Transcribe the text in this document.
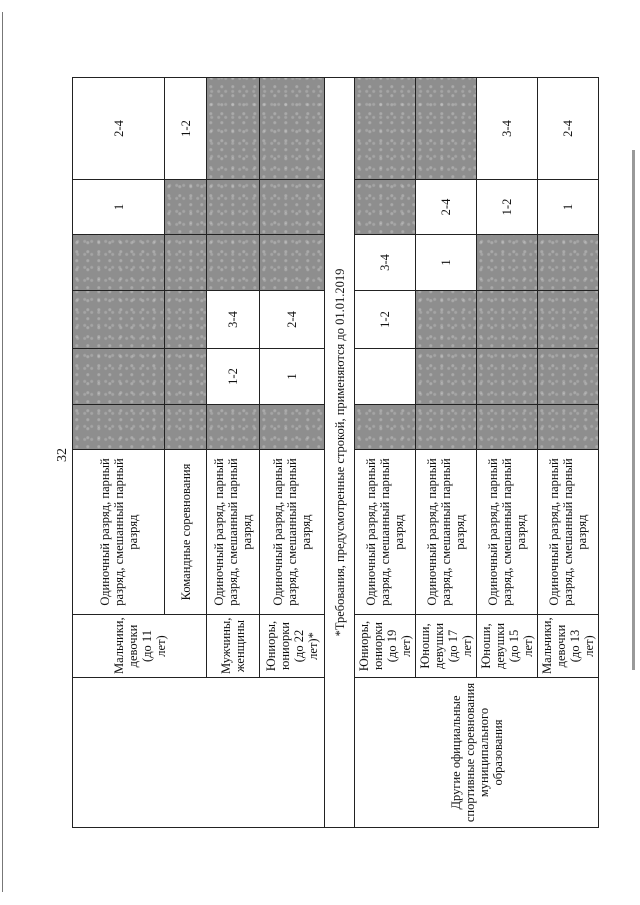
32
	Мальчики, девочки (до 11 лет)	Одиночный разряд, парный разряд, смешанный парный разряд					1	2-4
		Командные соревнования						1-2
	Мужчины, женщины	Одиночный разряд, парный разряд, смешанный парный разряд		1-2	3-4			
	Юниоры, юниорки (до 22 лет)*	Одиночный разряд, парный разряд, смешанный парный разряд		1	2-4			
*Требования, предусмотренные строкой, применяются до 01.01.2019								
Другие официальные спортивные соревнования муниципального образования	Юниоры, юниорки (до 19 лет)	Одиночный разряд, парный разряд, смешанный парный разряд			1-2	3-4		
	Юноши, девушки (до 17 лет)	Одиночный разряд, парный разряд, смешанный парный разряд				1	2-4	
	Юноши, девушки (до 15 лет)	Одиночный разряд, парный разряд, смешанный парный разряд					1-2	3-4
	Мальчики, девочки (до 13 лет)	Одиночный разряд, парный разряд, смешанный парный разряд					1	2-4
